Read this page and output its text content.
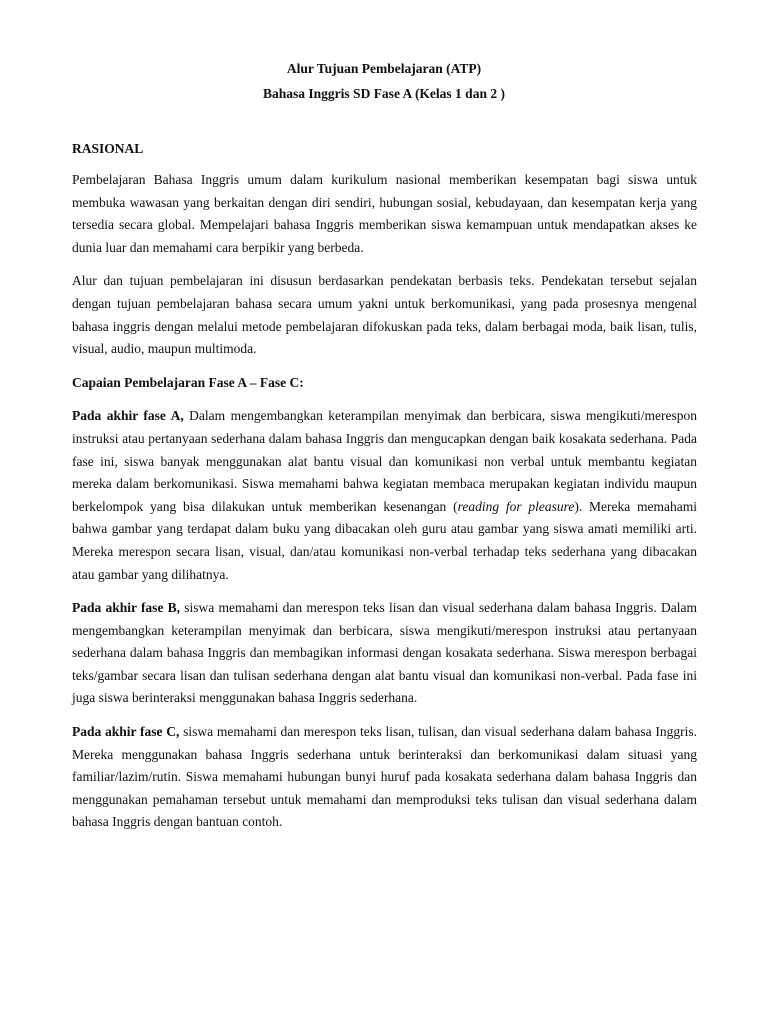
Alur Tujuan Pembelajaran (ATP)
Bahasa Inggris SD Fase A (Kelas 1 dan 2 )
RASIONAL

Pembelajaran Bahasa Inggris umum dalam kurikulum nasional memberikan kesempatan bagi siswa untuk membuka wawasan yang berkaitan dengan diri sendiri, hubungan sosial, kebudayaan, dan kesempatan kerja yang tersedia secara global. Mempelajari bahasa Inggris memberikan siswa kemampuan untuk mendapatkan akses ke dunia luar dan memahami cara berpikir yang berbeda.

Alur dan tujuan pembelajaran ini disusun berdasarkan pendekatan berbasis teks. Pendekatan tersebut sejalan dengan tujuan pembelajaran bahasa secara umum yakni untuk berkomunikasi, yang pada prosesnya mengenal bahasa inggris dengan melalui metode pembelajaran difokuskan pada teks, dalam berbagai moda, baik lisan, tulis, visual, audio, maupun multimoda.

Capaian Pembelajaran Fase A – Fase C:

Pada akhir fase A, Dalam mengembangkan keterampilan menyimak dan berbicara, siswa mengikuti/merespon instruksi atau pertanyaan sederhana dalam bahasa Inggris dan mengucapkan dengan baik kosakata sederhana. Pada fase ini, siswa banyak menggunakan alat bantu visual dan komunikasi non verbal untuk membantu kegiatan mereka dalam berkomunikasi. Siswa memahami bahwa kegiatan membaca merupakan kegiatan individu maupun berkelompok yang bisa dilakukan untuk memberikan kesenangan (reading for pleasure). Mereka memahami bahwa gambar yang terdapat dalam buku yang dibacakan oleh guru atau gambar yang siswa amati memiliki arti. Mereka merespon secara lisan, visual, dan/atau komunikasi non-verbal terhadap teks sederhana yang dibacakan atau gambar yang dilihatnya.

Pada akhir fase B, siswa memahami dan merespon teks lisan dan visual sederhana dalam bahasa Inggris. Dalam mengembangkan keterampilan menyimak dan berbicara, siswa mengikuti/merespon instruksi atau pertanyaan sederhana dalam bahasa Inggris dan membagikan informasi dengan kosakata sederhana. Siswa merespon berbagai teks/gambar secara lisan dan tulisan sederhana dengan alat bantu visual dan komunikasi non-verbal. Pada fase ini juga siswa berinteraksi menggunakan bahasa Inggris sederhana.

Pada akhir fase C, siswa memahami dan merespon teks lisan, tulisan, dan visual sederhana dalam bahasa Inggris. Mereka menggunakan bahasa Inggris sederhana untuk berinteraksi dan berkomunikasi dalam situasi yang familiar/lazim/rutin. Siswa memahami hubungan bunyi huruf pada kosakata sederhana dalam bahasa Inggris dan menggunakan pemahaman tersebut untuk memahami dan memproduksi teks tulisan dan visual sederhana dalam bahasa Inggris dengan bantuan contoh.
